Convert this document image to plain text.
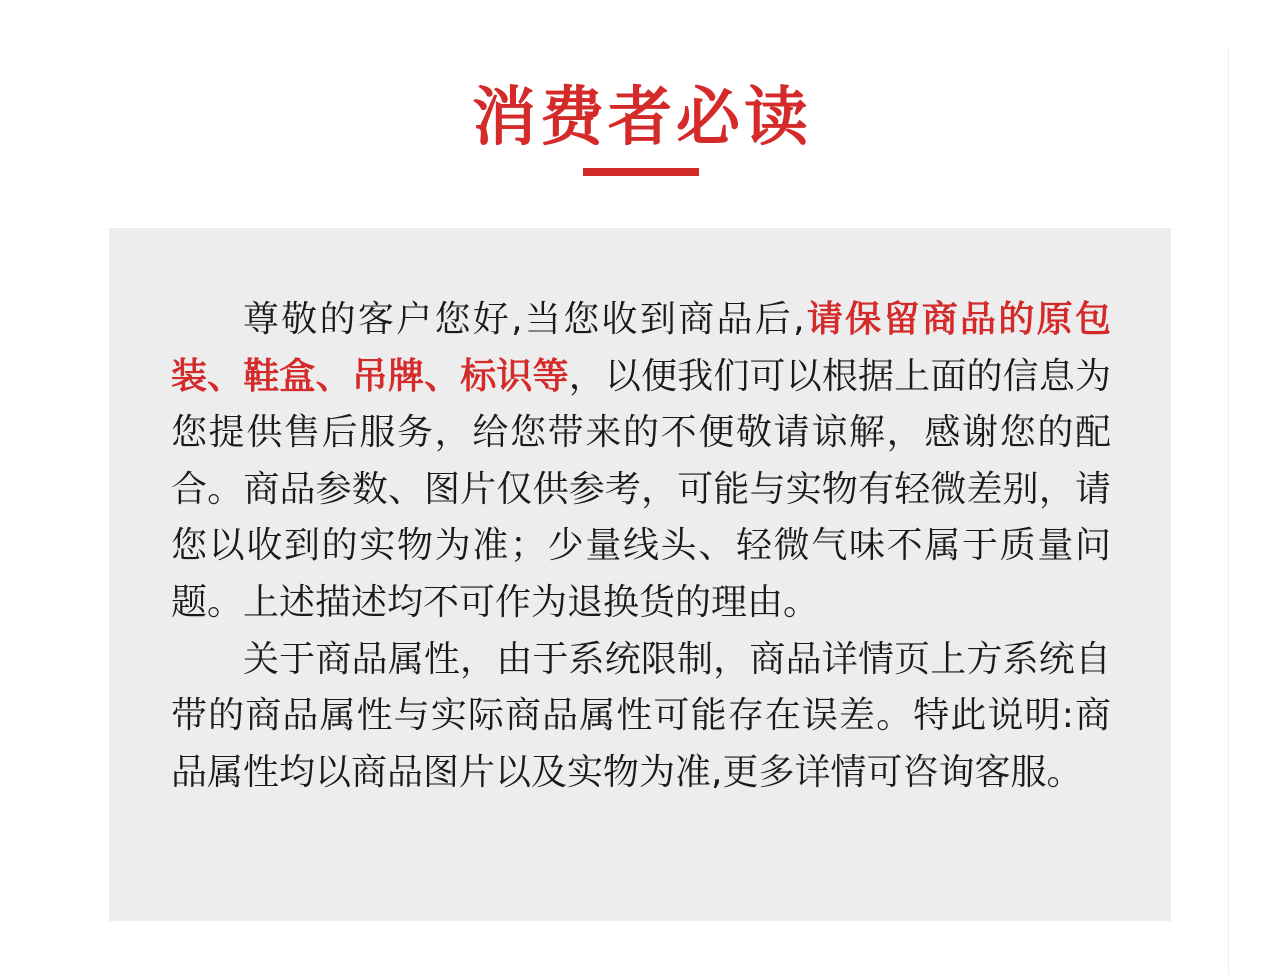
消费者必读

尊敬的客户您好,当您收到商品后,请保留商品的原包装、鞋盒、吊牌、标识等，以便我们可以根据上面的信息为您提供售后服务，给您带来的不便敬请谅解，感谢您的配合。商品参数、图片仅供参考，可能与实物有轻微差别，请您以收到的实物为准；少量线头、轻微气味不属于质量问题。上述描述均不可作为退换货的理由。

关于商品属性，由于系统限制，商品详情页上方系统自带的商品属性与实际商品属性可能存在误差。特此说明:商品属性均以商品图片以及实物为准,更多详情可咨询客服。
